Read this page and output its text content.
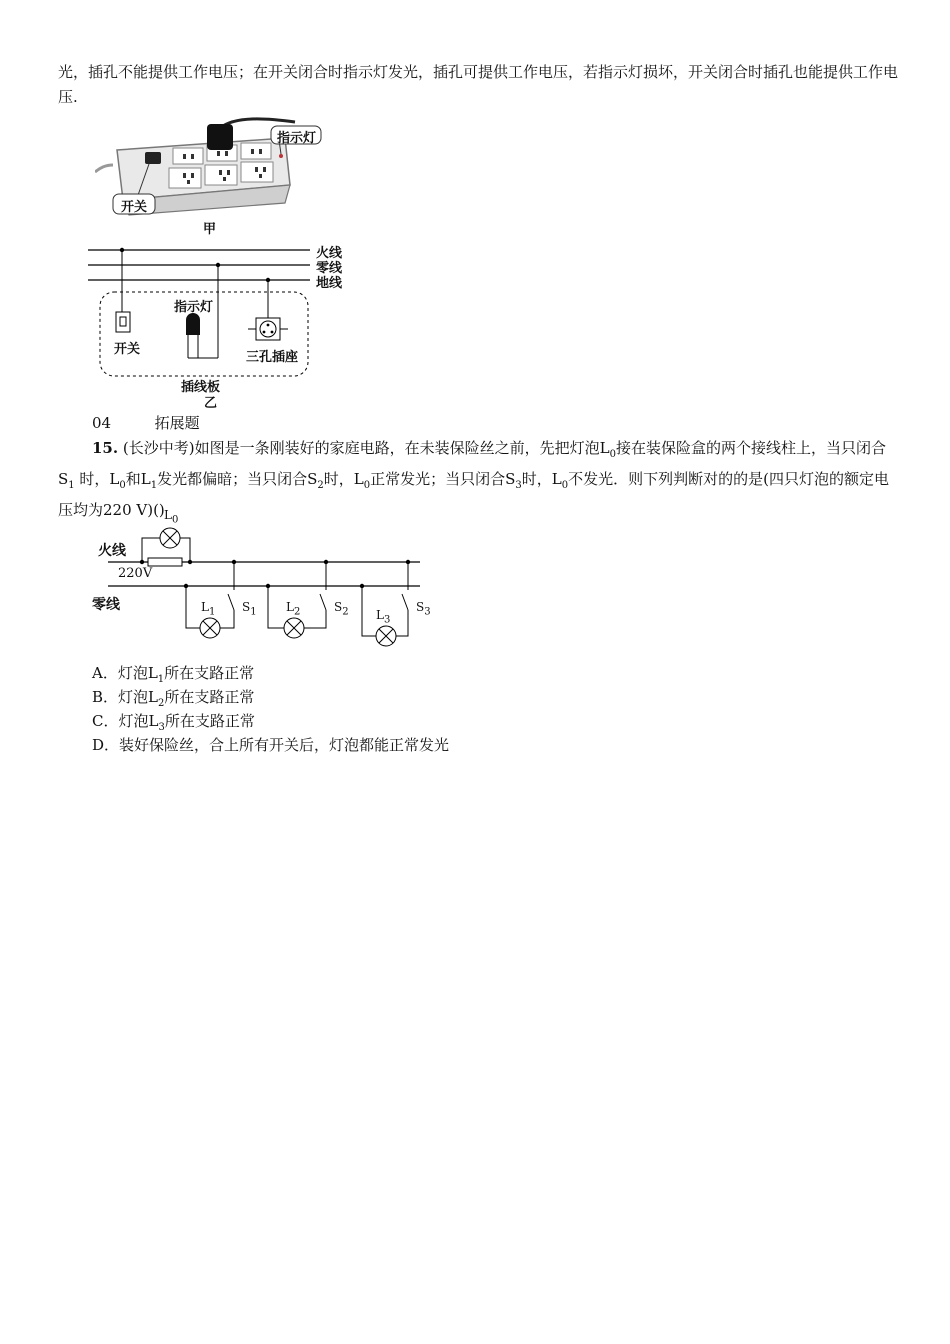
光，插孔不能提供工作电压；在开关闭合时指示灯发光，插孔可提供工作电压，若指示灯损坏，开关闭合时插孔也能提供工作电压.
指示灯
开关
甲
火线
零线
地线
指示灯
开关
三孔插座
插线板
乙
04	拓展题
15. (长沙中考)如图是一条刚装好的家庭电路，在未装保险丝之前，先把灯泡$L_0$接在装保险盒的两个接线柱上，当只闭合$S_1$ 时，$L_0$和$L_1$发光都偏暗；当只闭合$S_2$时，$L_0$正常发光；当只闭合$S_3$时，$L_0$不发光．则下列判断对的的是(四只灯泡的额定电压均为220 V)()
火线
220V
零线
$L_0$
$L_1$ $S_1$ $L_2$	$S_2$ $L_3$
$S_3$
A．灯泡$L_1$所在支路正常
B．灯泡$L_2$所在支路正常
C．灯泡$L_3$所在支路正常
D．装好保险丝，合上所有开关后，灯泡都能正常发光
